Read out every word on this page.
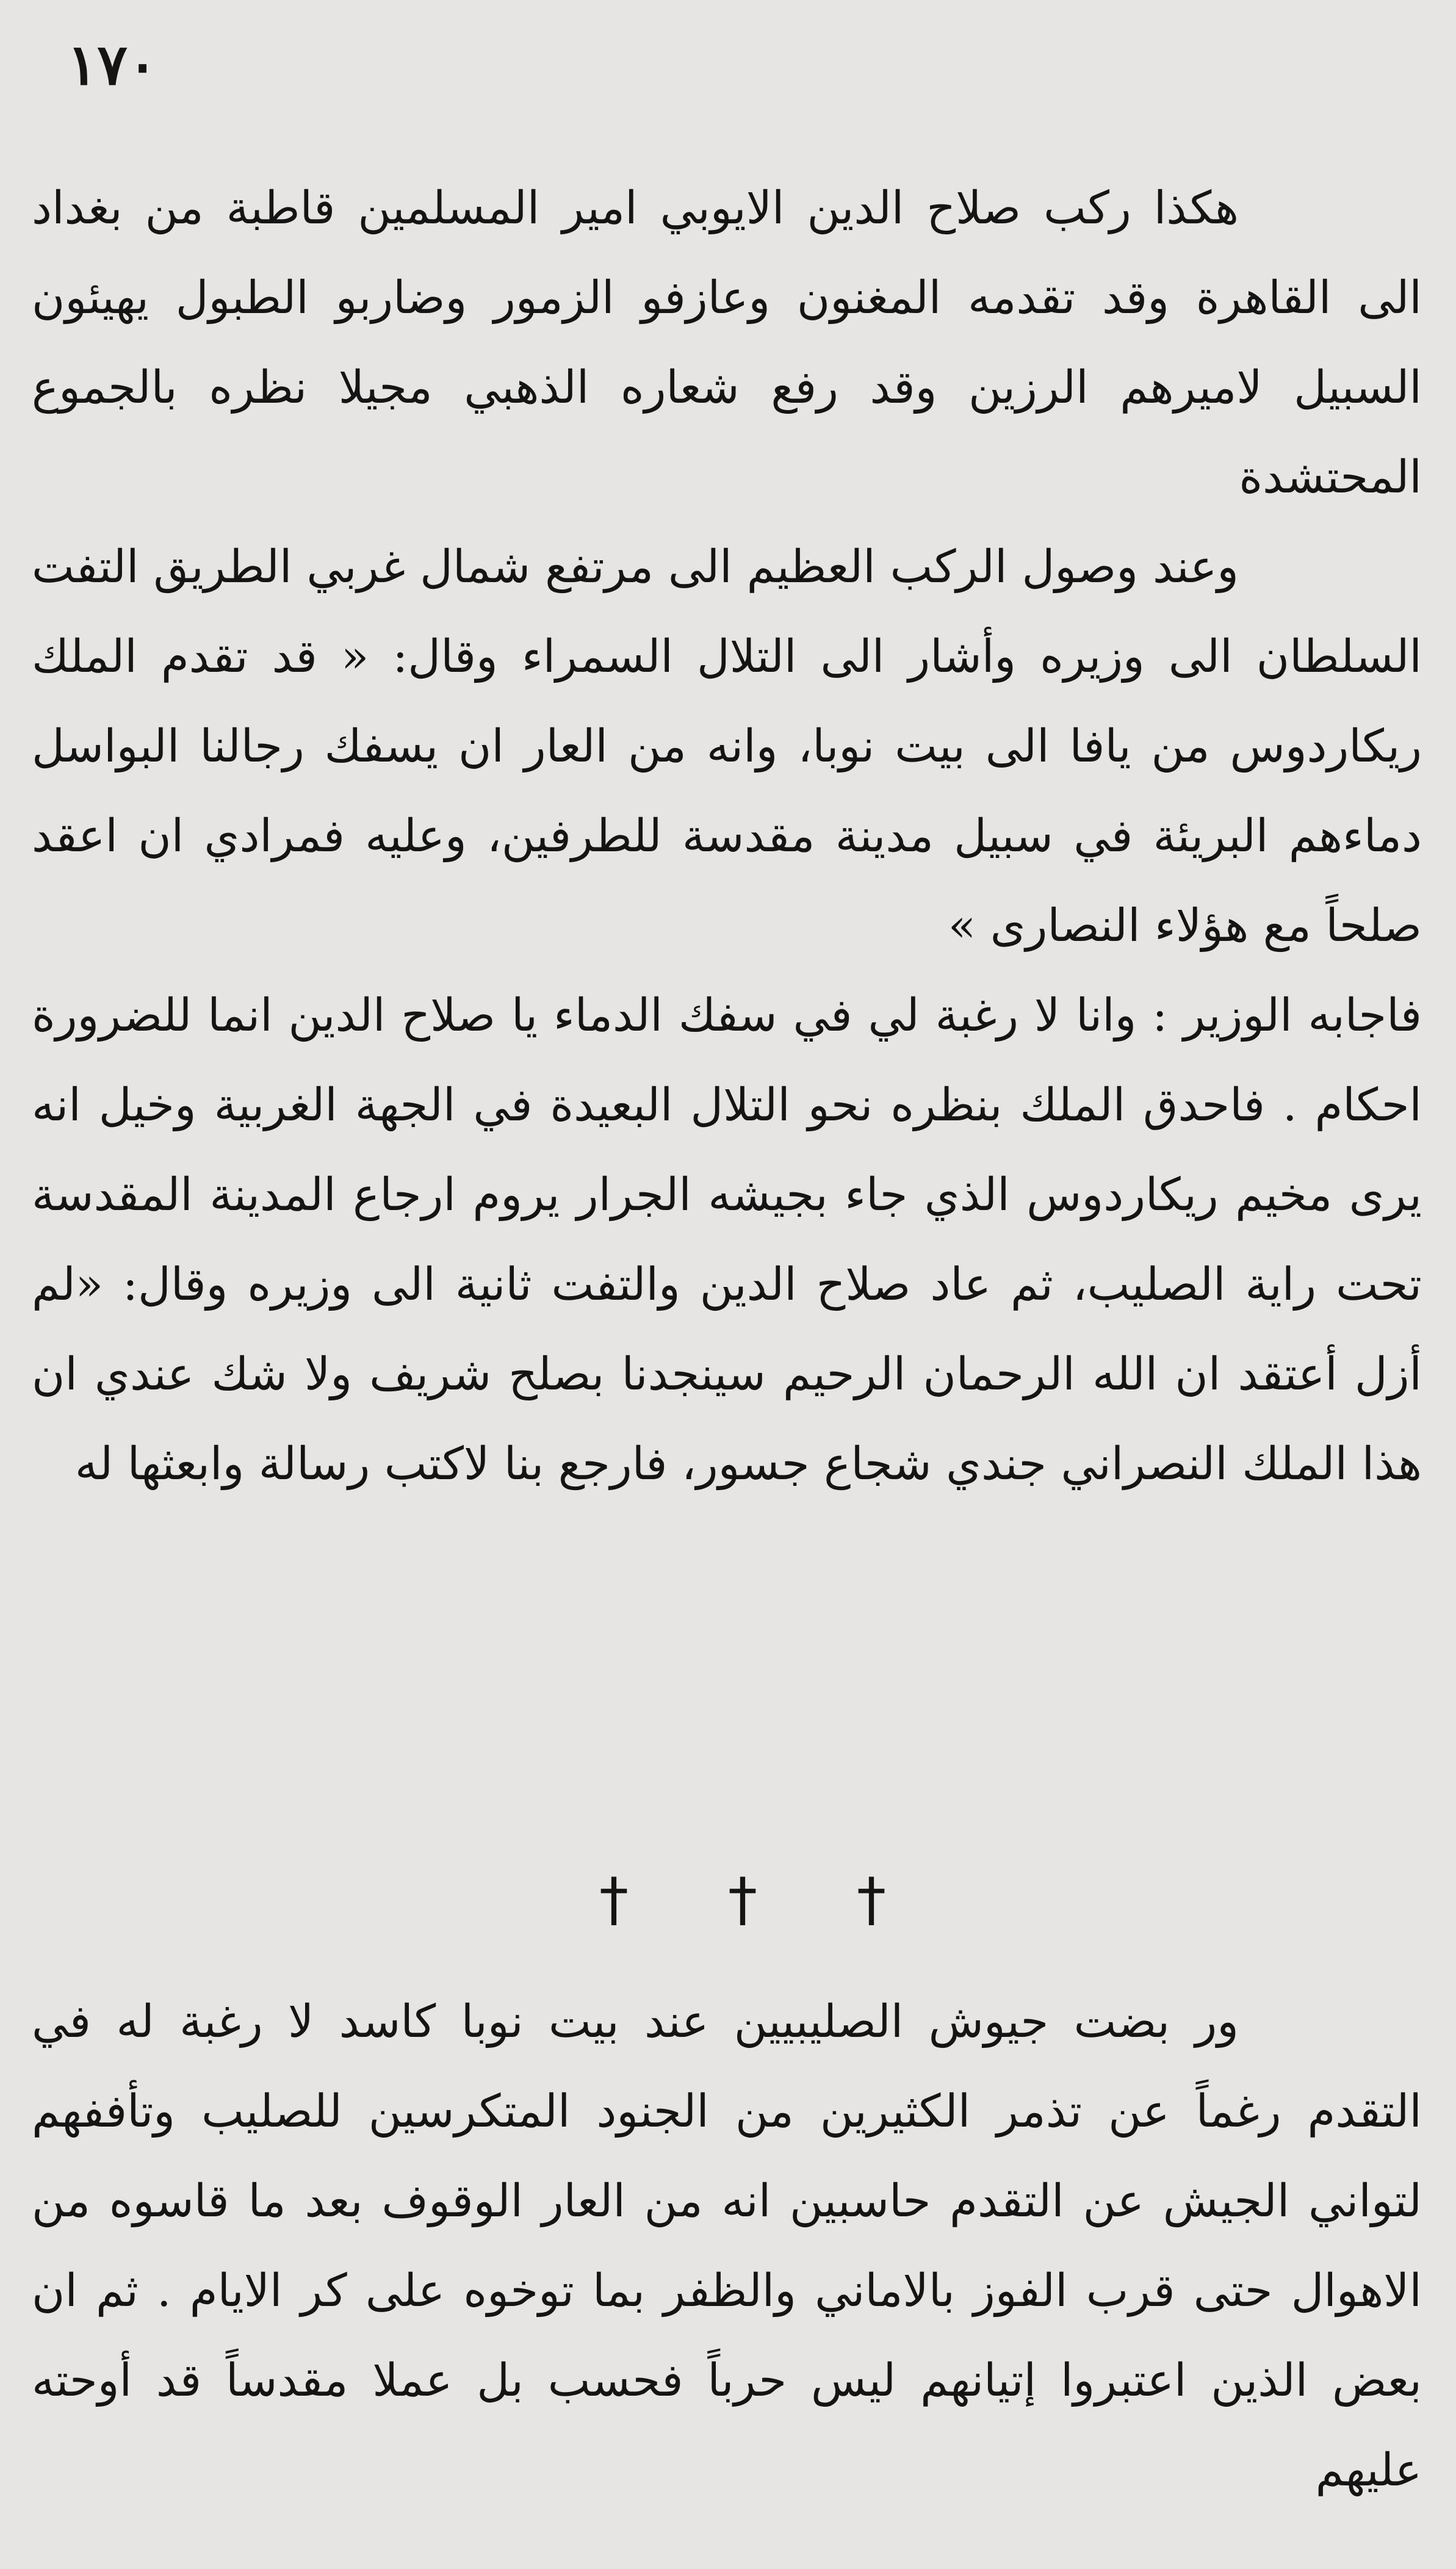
١٧٠

هكذا ركب صلاح الدين الايوبي امير المسلمين قاطبة من بغداد الى القاهرة وقد تقدمه المغنون وعازفو الزمور وضاربو الطبول يهيئون السبيل لاميرهم الرزين وقد رفع شعاره الذهبي مجيلا نظره بالجموع المحتشدة

وعند وصول الركب العظيم الى مرتفع شمال غربي الطريق التفت السلطان الى وزيره وأشار الى التلال السمراء وقال: « قد تقدم الملك ريكاردوس من يافا الى بيت نوبا، وانه من العار ان يسفك رجالنا البواسل دماءهم البريئة في سبيل مدينة مقدسة للطرفين، وعليه فمرادي ان اعقد صلحاً مع هؤلاء النصارى »

فاجابه الوزير : وانا لا رغبة لي في سفك الدماء يا صلاح الدين انما للضرورة احكام . فاحدق الملك بنظره نحو التلال البعيدة في الجهة الغربية وخيل انه يرى مخيم ريكاردوس الذي جاء بجيشه الجرار يروم ارجاع المدينة المقدسة تحت راية الصليب، ثم عاد صلاح الدين والتفت ثانية الى وزيره وقال: «لم أزل أعتقد ان الله الرحمان الرحيم سينجدنا بصلح شريف ولا شك عندي ان هذا الملك النصراني جندي شجاع جسور، فارجع بنا لاكتب رسالة وابعثها له

† † †

ور بضت جيوش الصليبيين عند بيت نوبا كاسد لا رغبة له في التقدم رغماً عن تذمر الكثيرين من الجنود المتكرسين للصليب وتأففهم لتواني الجيش عن التقدم حاسبين انه من العار الوقوف بعد ما قاسوه من الاهوال حتى قرب الفوز بالاماني والظفر بما توخوه على كر الايام . ثم ان بعض الذين اعتبروا إتيانهم ليس حرباً فحسب بل عملا مقدساً قد أوحته عليهم
